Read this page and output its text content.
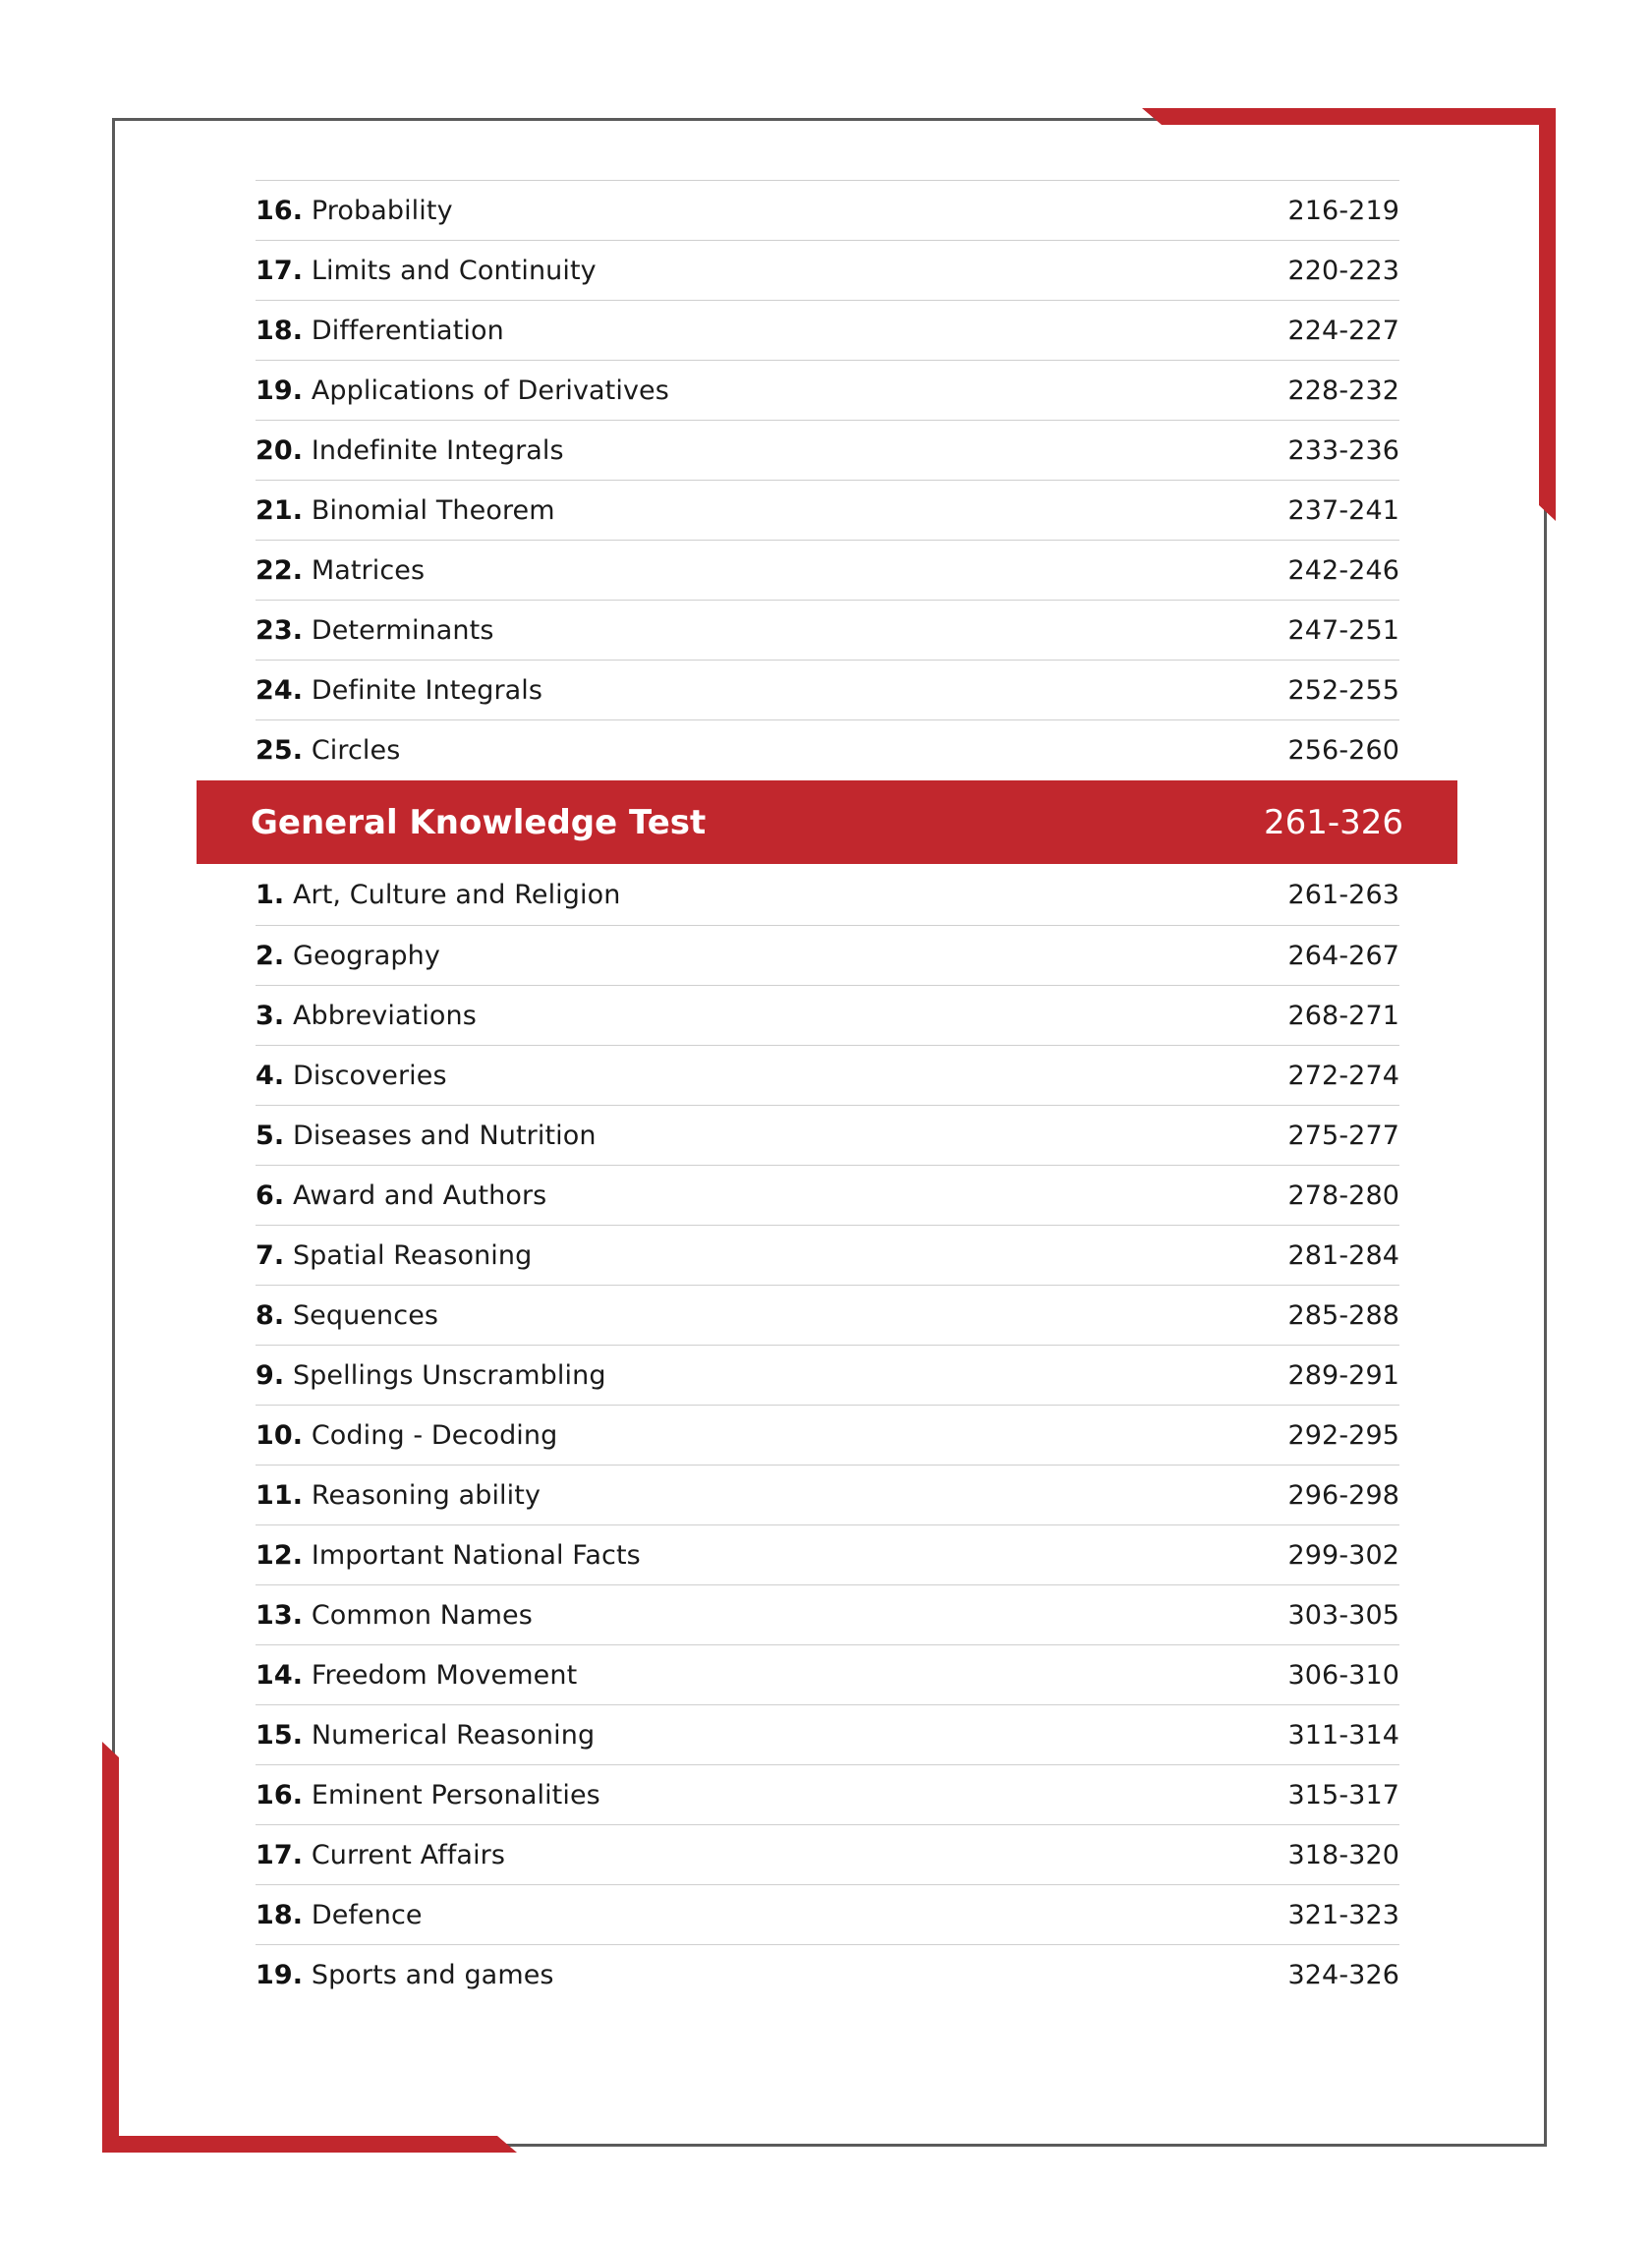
16. Probability	216-219
17. Limits and Continuity	220-223
18. Differentiation	224-227
19. Applications of Derivatives	228-232
20. Indefinite Integrals	233-236
21. Binomial Theorem	237-241
22. Matrices	242-246
23. Determinants	247-251
24. Definite Integrals	252-255
25. Circles	256-260
General Knowledge Test	261-326
1. Art, Culture and Religion	261-263
2. Geography	264-267
3. Abbreviations	268-271
4. Discoveries	272-274
5. Diseases and Nutrition	275-277
6. Award and Authors	278-280
7. Spatial Reasoning	281-284
8. Sequences	285-288
9. Spellings Unscrambling	289-291
10. Coding - Decoding	292-295
11. Reasoning ability	296-298
12. Important National Facts	299-302
13. Common Names	303-305
14. Freedom Movement	306-310
15. Numerical Reasoning	311-314
16. Eminent Personalities	315-317
17. Current Affairs	318-320
18. Defence	321-323
19. Sports and games	324-326
